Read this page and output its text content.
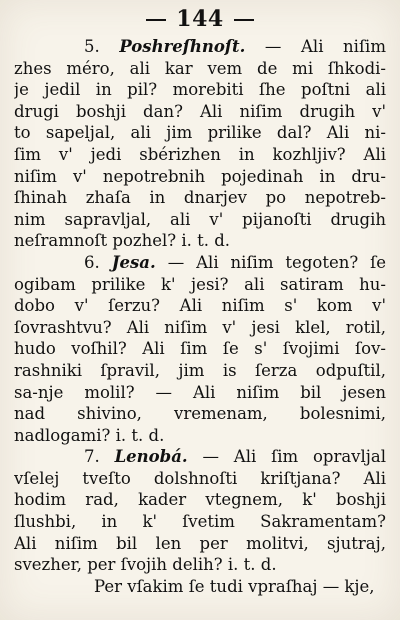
144
5. Poshreſhnoſt. — Ali niſim
zhes méro, ali kar vem de mi ſhkodi-
je jedil in pil? morebiti ſhe poſtni ali
drugi boshji dan? Ali niſim drugih v'
to sapeljal, ali jim prilike dal? Ali ni-
ſim v' jedi sbérizhen in kozhljiv? Ali
niſim v' nepotrebnih pojedinah in dru-
ſhinah zhaſa in dnarjev po nepotreb-
nim sapravljal, ali v' pijanoſti drugih
neſramnoſt pozhel? i. t. d.
6. Jesa. — Ali niſim tegoten? ſe
ogibam prilike k' jesi? ali satiram hu-
dobo v' ſerzu? Ali niſim s' kom v'
ſovrashtvu? Ali niſim v' jesi klel, rotil,
hudo voſhil? Ali ſim ſe s' ſvojimi ſov-
rashniki ſpravil, jim is ſerza odpuſtil,
sa-nje molil? — Ali niſim bil jesen
nad shivino, vremenam, bolesnimi,
nadlogami? i. t. d.
7. Lenobá. — Ali ſim opravljal
vſelej tveſto dolshnoſti kriſtjana? Ali
hodim rad, kader vtegnem, k' boshji
ſlushbi, in k' ſvetim Sakramentam?
Ali niſim bil len per molitvi, sjutraj,
svezher, per ſvojih delih? i. t. d.
Per vſakim ſe tudi vpraſhaj — kje,
